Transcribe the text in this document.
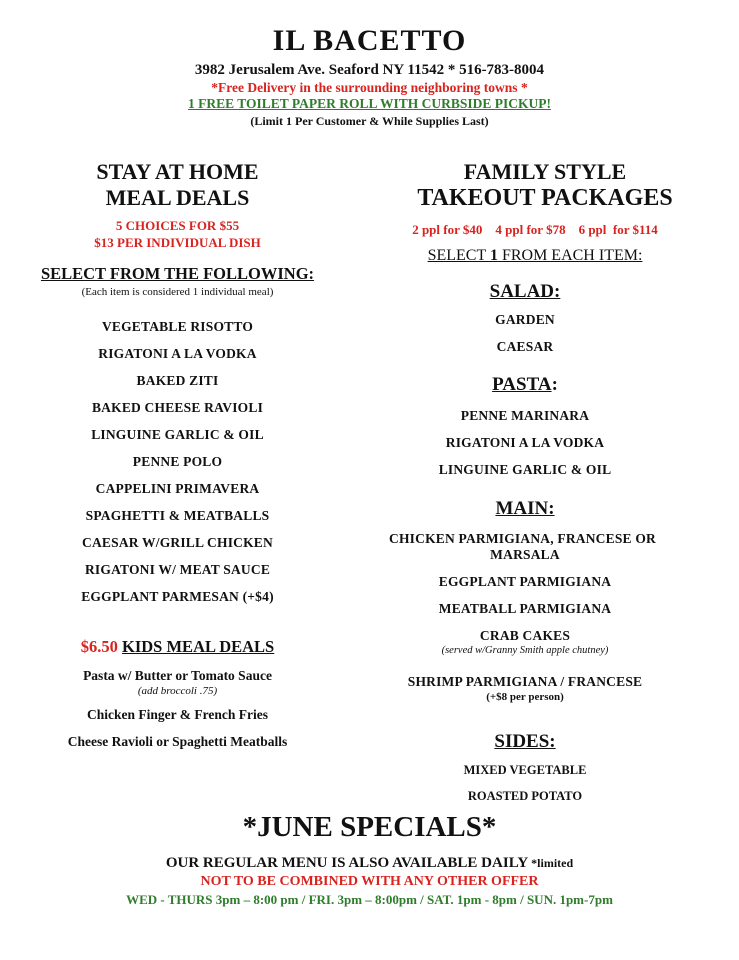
IL BACETTO
3982 Jerusalem Ave. Seaford NY 11542 * 516-783-8004
*Free Delivery in the surrounding neighboring towns *
1 FREE TOILET PAPER ROLL WITH CURBSIDE PICKUP!
(Limit 1 Per Customer & While Supplies Last)
STAY AT HOME
MEAL DEALS
5 CHOICES FOR $55
$13 PER INDIVIDUAL DISH
SELECT FROM THE FOLLOWING:
(Each item is considered 1 individual meal)
VEGETABLE RISOTTO
RIGATONI A LA VODKA
BAKED ZITI
BAKED CHEESE RAVIOLI
LINGUINE GARLIC & OIL
PENNE POLO
CAPPELINI PRIMAVERA
SPAGHETTI & MEATBALLS
CAESAR W/GRILL CHICKEN
RIGATONI W/ MEAT SAUCE
EGGPLANT PARMESAN (+$4)
$6.50 KIDS MEAL DEALS
Pasta w/ Butter or Tomato Sauce
(add broccoli .75)
Chicken Finger & French Fries
Cheese Ravioli or Spaghetti Meatballs
FAMILY STYLE
TAKEOUT PACKAGES
2 ppl for $40    4 ppl for $78    6 ppl  for $114
SELECT 1 FROM EACH ITEM:
SALAD:
GARDEN
CAESAR
PASTA:
PENNE MARINARA
RIGATONI A LA VODKA
LINGUINE GARLIC & OIL
MAIN:
CHICKEN PARMIGIANA, FRANCESE OR
MARSALA
EGGPLANT PARMIGIANA
MEATBALL PARMIGIANA
CRAB CAKES
(served w/Granny Smith apple chutney)
SHRIMP PARMIGIANA / FRANCESE
(+$8 per person)
SIDES:
MIXED VEGETABLE
ROASTED POTATO
*JUNE SPECIALS*
OUR REGULAR MENU IS ALSO AVAILABLE DAILY *limited
NOT TO BE COMBINED WITH ANY OTHER OFFER
WED - THURS 3pm – 8:00 pm / FRI. 3pm – 8:00pm / SAT. 1pm - 8pm / SUN. 1pm-7pm
